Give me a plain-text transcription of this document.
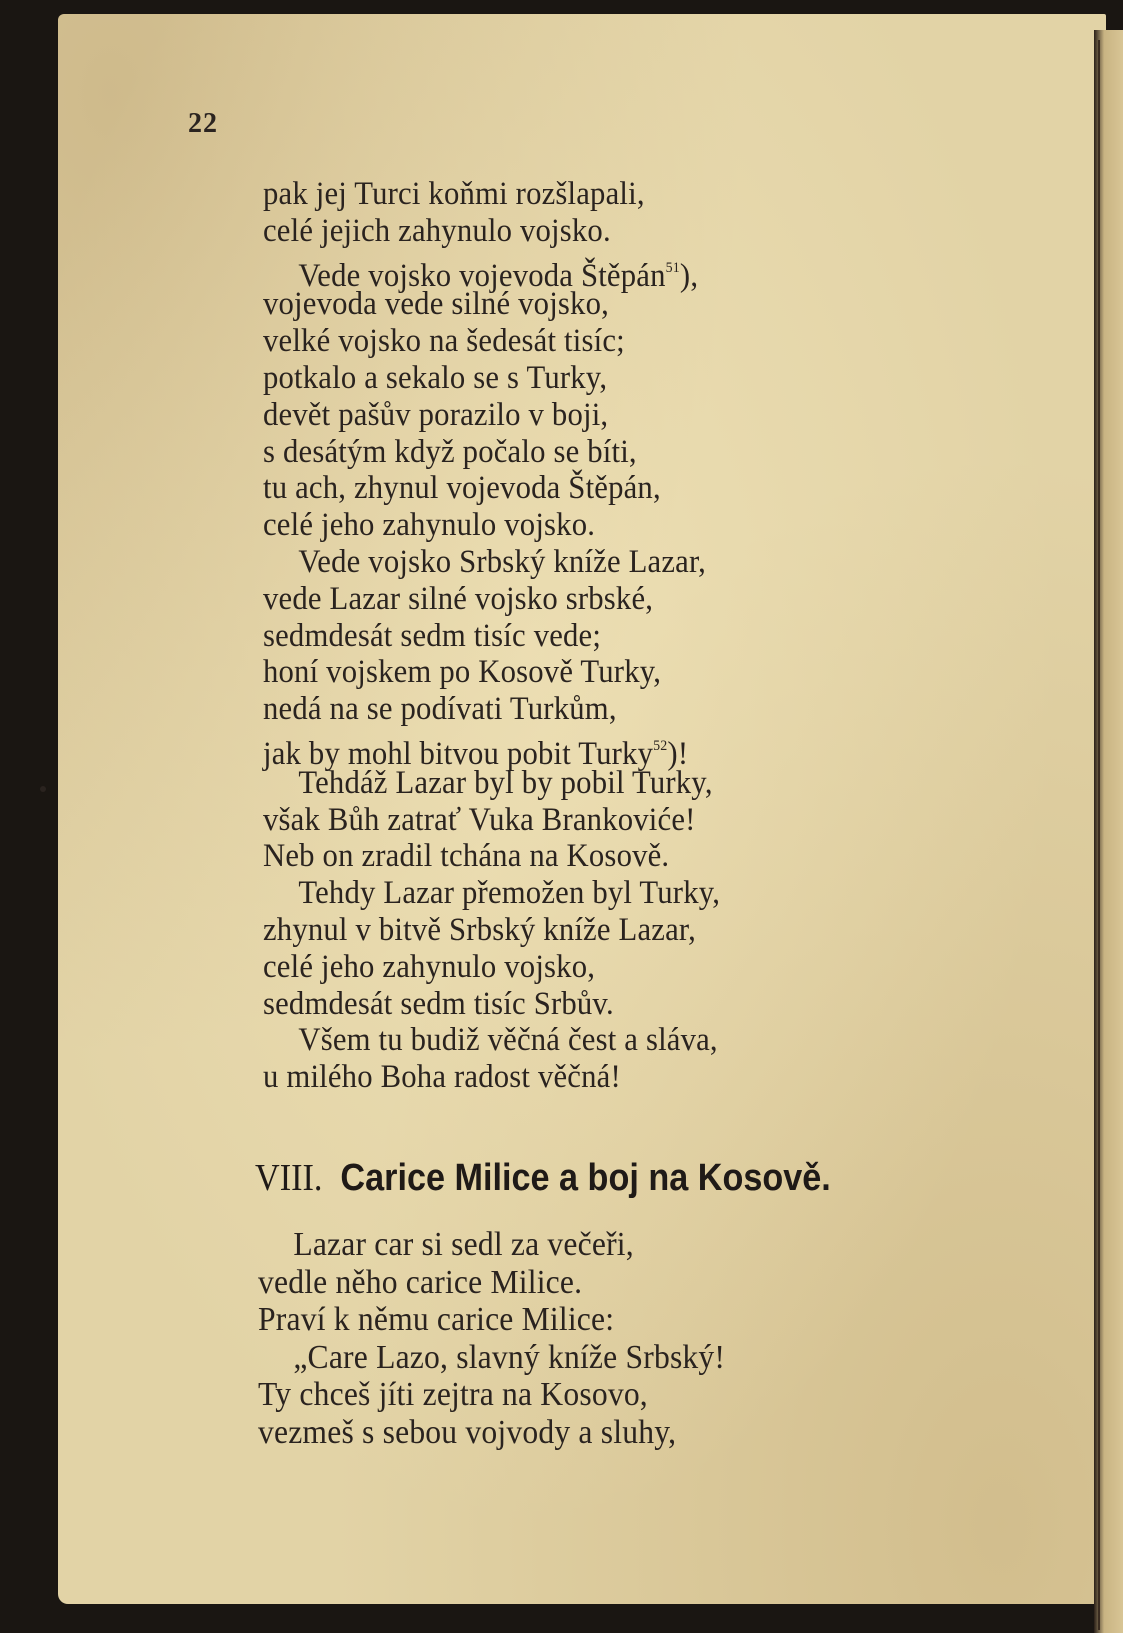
22
pak jej Turci koňmi rozšlapali,
celé jejich zahynulo vojsko.
Vede vojsko vojevoda Štěpán$^{51}$),
vojevoda vede silné vojsko,
velké vojsko na šedesát tisíc;
potkalo a sekalo se s Turky,
devět pašův porazilo v boji,
s desátým když počalo se bíti,
tu ach, zhynul vojevoda Štěpán,
celé jeho zahynulo vojsko.
Vede vojsko Srbský kníže Lazar,
vede Lazar silné vojsko srbské,
sedmdesát sedm tisíc vede;
honí vojskem po Kosově Turky,
nedá na se podívati Turkům,
jak by mohl bitvou pobit Turky$^{52}$)!
Tehdáž Lazar byl by pobil Turky,
však Bůh zatrať Vuka Brankoviće!
Neb on zradil tchána na Kosově.
Tehdy Lazar přemožen byl Turky,
zhynul v bitvě Srbský kníže Lazar,
celé jeho zahynulo vojsko,
sedmdesát sedm tisíc Srbův.
Všem tu budiž věčná čest a sláva,
u milého Boha radost věčná!
VIII. Carice Milice a boj na Kosově.
Lazar car si sedl za večeři,
vedle něho carice Milice.
Praví k němu carice Milice:
„Care Lazo, slavný kníže Srbský!
Ty chceš jíti zejtra na Kosovo,
vezmeš s sebou vojvody a sluhy,
